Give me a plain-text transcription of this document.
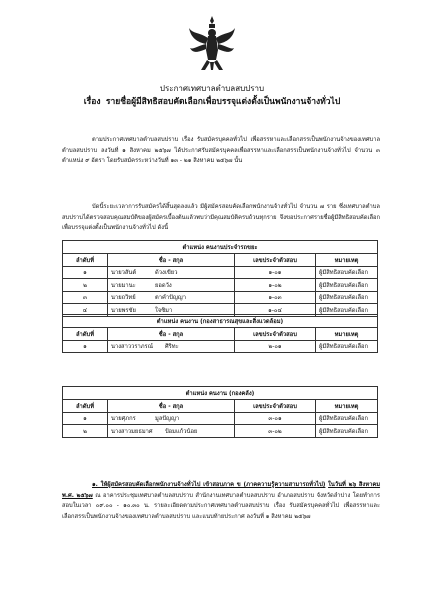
ประกาศเทศบาลตำบลสบปราบ
เรื่อง รายชื่อผู้มีสิทธิสอบคัดเลือกเพื่อบรรจุแต่งตั้งเป็นพนักงานจ้างทั่วไป
ตามประกาศเทศบาลตำบลสบปราบ เรื่อง รับสมัครบุคคลทั่วไป เพื่อสรรหาและเลือกสรรเป็นพนักงานจ้างของเทศบาลตำบลสบปราบ ลงวันที่ ๑ สิงหาคม ๒๕๖๗ ได้ประกาศรับสมัครบุคคลเพื่อสรรหาและเลือกสรรเป็นพนักงานจ้างทั่วไป จำนวน ๓ ตำแหน่ง ๙ อัตรา โดยรับสมัครระหว่างวันที่ ๑๓ - ๒๑ สิงหาคม ๒๕๖๗ นั้น
บัดนี้ระยะเวลาการรับสมัครได้สิ้นสุดลงแล้ว มีผู้สมัครสอบคัดเลือกพนักงานจ้างทั่วไป จำนวน ๗ ราย ซึ่งเทศบาลตำบลสบปราบได้ตรวจสอบคุณสมบัติของผู้สมัครเบื้องต้นแล้วพบว่ามีคุณสมบัติครบถ้วนทุกราย จึงขอประกาศรายชื่อผู้มีสิทธิสอบคัดเลือกเพื่อบรรจุแต่งตั้งเป็นพนักงานจ้างทั่วไป ดังนี้
ตำแหน่ง คนงานประจำรถขยะ			
ลำดับที่	ชื่อ - สกุล	เลขประจำตัวสอบ	หมายเหตุ
๑	นายวสันต์ ด้วงเขียว	๑-๐๑	ผู้มีสิทธิสอบคัดเลือก
๒	นายมานะ ยอดวัง	๑-๐๒	ผู้มีสิทธิสอบคัดเลือก
๓	นายถวิทย์ ตาคำปัญญา	๑-๐๓	ผู้มีสิทธิสอบคัดเลือก
๔	นายพรชัย ใจซิมา	๑-๐๔	ผู้มีสิทธิสอบคัดเลือก
ตำแหน่ง คนงาน (กองสาธารณสุขและสิ่งแวดล้อม)			
ลำดับที่	ชื่อ - สกุล	เลขประจำตัวสอบ	หมายเหตุ
๑	นางสาววราภรณ์ ศิริทะ	๒-๐๑	ผู้มีสิทธิสอบคัดเลือก
ตำแหน่ง คนงาน (กองคลัง)			
ลำดับที่	ชื่อ - สกุล	เลขประจำตัวสอบ	หมายเหตุ
๑	นายศุภกร มูลปัญญา	๓-๐๑	ผู้มีสิทธิสอบคัดเลือก
๒	นางสาวมยธมาศ ป้อมแก้วน้อย	๓-๐๒	ผู้มีสิทธิสอบคัดเลือก
๑. ให้ผู้สมัครสอบคัดเลือกพนักงานจ้างทั่วไป เข้าสอบภาค ข (ภาคความรู้ความสามารถทั่วไป) ในวันที่ ๒๖ สิงหาคม พ.ศ. ๒๕๖๗ ณ อาคารประชุมเทศบาลตำบลสบปราบ สำนักงานเทศบาลตำบลสบปราบ อำเภอสบปราบ จังหวัดลำปาง โดยทำการสอบในเวลา ๐๙.๐๐ - ๑๐.๓๐ น. รายละเอียดตามประกาศเทศบาลตำบลสบปราบ เรื่อง รับสมัครบุคคลทั่วไป เพื่อสรรหาและเลือกสรรเป็นพนักงานจ้างของเทศบาลตำบลสบปราบ และแนบท้ายประกาศ ลงวันที่ ๑ สิงหาคม ๒๕๖๗
